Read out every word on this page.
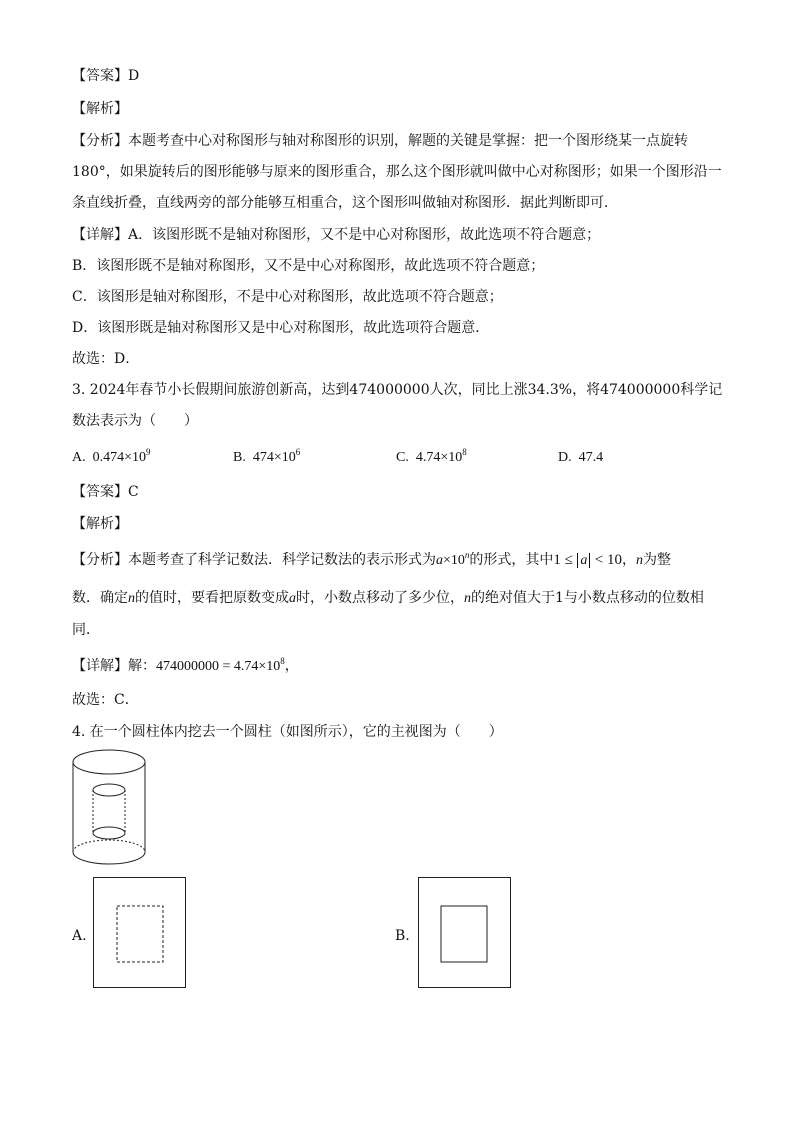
【答案】D
【解析】
【分析】本题考查中心对称图形与轴对称图形的识别，解题的关键是掌握：把一个图形绕某一点旋转
180°，如果旋转后的图形能够与原来的图形重合，那么这个图形就叫做中心对称图形；如果一个图形沿一
条直线折叠，直线两旁的部分能够互相重合，这个图形叫做轴对称图形．据此判断即可．
【详解】A．该图形既不是轴对称图形，又不是中心对称图形，故此选项不符合题意；
B．该图形既不是轴对称图形，又不是中心对称图形，故此选项不符合题意；
C．该图形是轴对称图形，不是中心对称图形，故此选项不符合题意；
D．该图形既是轴对称图形又是中心对称图形，故此选项符合题意．
故选：D．
3. 2024年春节小长假期间旅游创新高，达到474000000人次，同比上涨34.3%，将474000000科学记
数法表示为（　　）
A. $0.474\times 10^9$	B. $474\times 10^6$	C. $4.74\times 10^8$	D. 47.4
【答案】C
【解析】
【分析】本题考查了科学记数法．科学记数法的表示形式为$a\times 10^n$的形式，其中1 ≤ a < 10，n为整
数．确定n的值时，要看把原数变成a时，小数点移动了多少位，n的绝对值大于1与小数点移动的位数相
同．
【详解】解：$474000000 = 4.74\times 10^8$，
故选：C．
4. 在一个圆柱体内挖去一个圆柱（如图所示），它的主视图为（　　）
A.	B.
